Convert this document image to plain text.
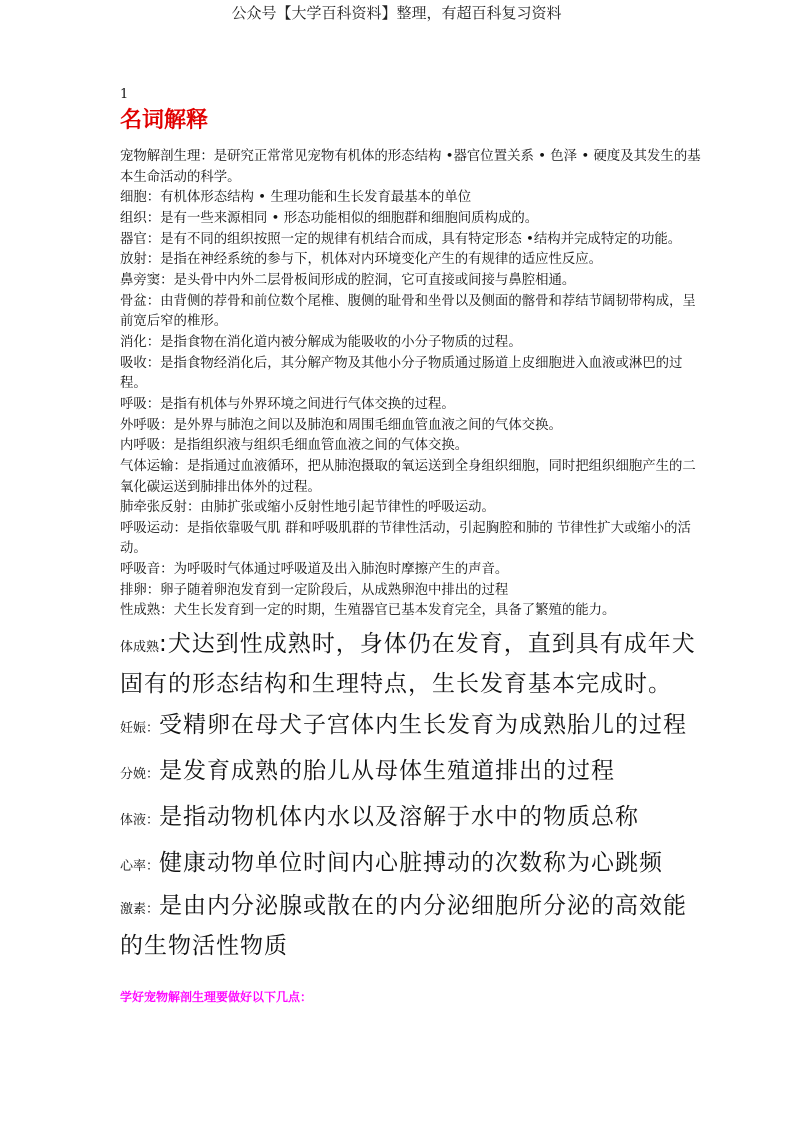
公众号【大学百科资料】整理，有超百科复习资料
1
名词解释

宠物解剖生理：是研究正常常见宠物有机体的形态结构 •器官位置关系 • 色泽 • 硬度及其发生的基本生命活动的科学。

细胞：有机体形态结构 • 生理功能和生长发育最基本的单位

组织：是有一些来源相同 • 形态功能相似的细胞群和细胞间质构成的。

器官：是有不同的组织按照一定的规律有机结合而成，具有特定形态 •结构并完成特定的功能。

放射：是指在神经系统的参与下，机体对内环境变化产生的有规律的适应性反应。

鼻旁窦：是头骨中内外二层骨板间形成的腔洞，它可直接或间接与鼻腔相通。

骨盆：由背侧的荐骨和前位数个尾椎、腹侧的耻骨和坐骨以及侧面的髂骨和荐结节阔韧带构成，呈前宽后窄的椎形。

消化：是指食物在消化道内被分解成为能吸收的小分子物质的过程。

吸收：是指食物经消化后，其分解产物及其他小分子物质通过肠道上皮细胞进入血液或淋巴的过程。

呼吸：是指有机体与外界环境之间进行气体交换的过程。

外呼吸：是外界与肺泡之间以及肺泡和周围毛细血管血液之间的气体交换。

内呼吸：是指组织液与组织毛细血管血液之间的气体交换。

气体运输：是指通过血液循环，把从肺泡摄取的氧运送到全身组织细胞，同时把组织细胞产生的二氧化碳运送到肺排出体外的过程。

肺牵张反射：由肺扩张或缩小反射性地引起节律性的呼吸运动。

呼吸运动：是指依靠吸气肌 群和呼吸肌群的节律性活动，引起胸腔和肺的 节律性扩大或缩小的活动。

呼吸音：为呼吸时气体通过呼吸道及出入肺泡时摩擦产生的声音。

排卵：卵子随着卵泡发育到一定阶段后，从成熟卵泡中排出的过程

性成熟：犬生长发育到一定的时期，生殖器官已基本发育完全，具备了繁殖的能力。

体成熟:犬达到性成熟时，身体仍在发育，直到具有成年犬固有的形态结构和生理特点，生长发育基本完成时。

妊娠：受精卵在母犬子宫体内生长发育为成熟胎儿的过程

分娩：是发育成熟的胎儿从母体生殖道排出的过程

体液：是指动物机体内水以及溶解于水中的物质总称

心率：健康动物单位时间内心脏搏动的次数称为心跳频

激素：是由内分泌腺或散在的内分泌细胞所分泌的高效能的生物活性物质

学好宠物解剖生理要做好以下几点：
